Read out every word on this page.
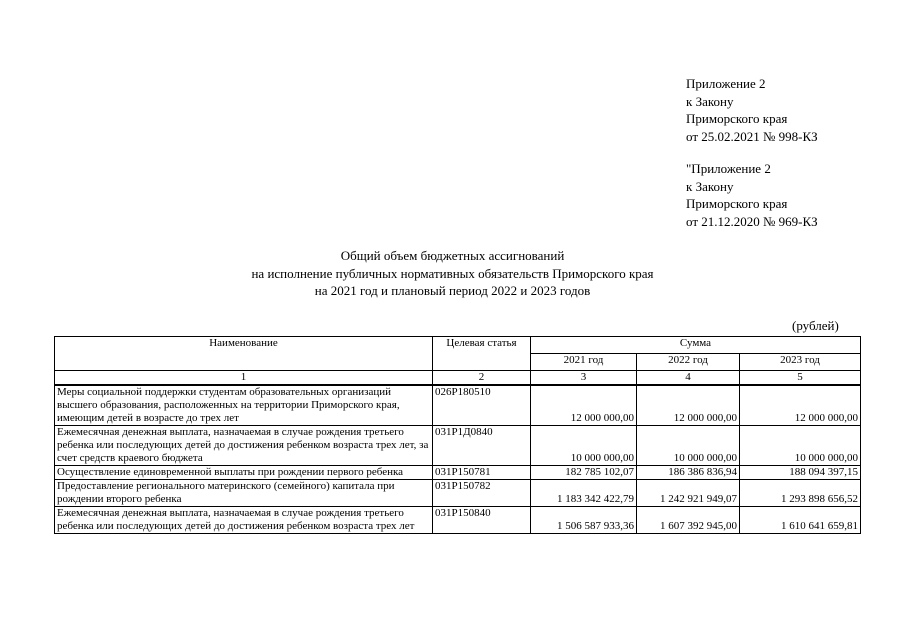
Приложение 2
к Закону
Приморского края
от 25.02.2021 № 998-КЗ
"Приложение 2
к Закону
Приморского края
от 21.12.2020 № 969-КЗ
Общий объем бюджетных ассигнований
на исполнение публичных нормативных обязательств Приморского края
на 2021 год и плановый период 2022 и 2023 годов
(рублей)
Наименование	Целевая статья	Сумма		
		2021 год	2022 год	2023 год
1	2	3	4	5
Меры социальной поддержки студентам образовательных организаций высшего образования, расположенных на территории Приморского края, имеющим детей в возрасте до трех лет	026P180510	12 000 000,00	12 000 000,00	12 000 000,00
Ежемесячная денежная выплата, назначаемая в случае рождения третьего ребенка или последующих детей до достижения ребенком возраста трех лет, за счет средств краевого бюджета	031P1Д0840	10 000 000,00	10 000 000,00	10 000 000,00
Осуществление единовременной выплаты при рождении первого ребенка	031P150781	182 785 102,07	186 386 836,94	188 094 397,15
Предоставление регионального материнского (семейного) капитала при рождении второго ребенка	031P150782	1 183 342 422,79	1 242 921 949,07	1 293 898 656,52
Ежемесячная денежная выплата, назначаемая в случае рождения третьего ребенка или последующих детей до достижения ребенком возраста трех лет	031P150840	1 506 587 933,36	1 607 392 945,00	1 610 641 659,81
